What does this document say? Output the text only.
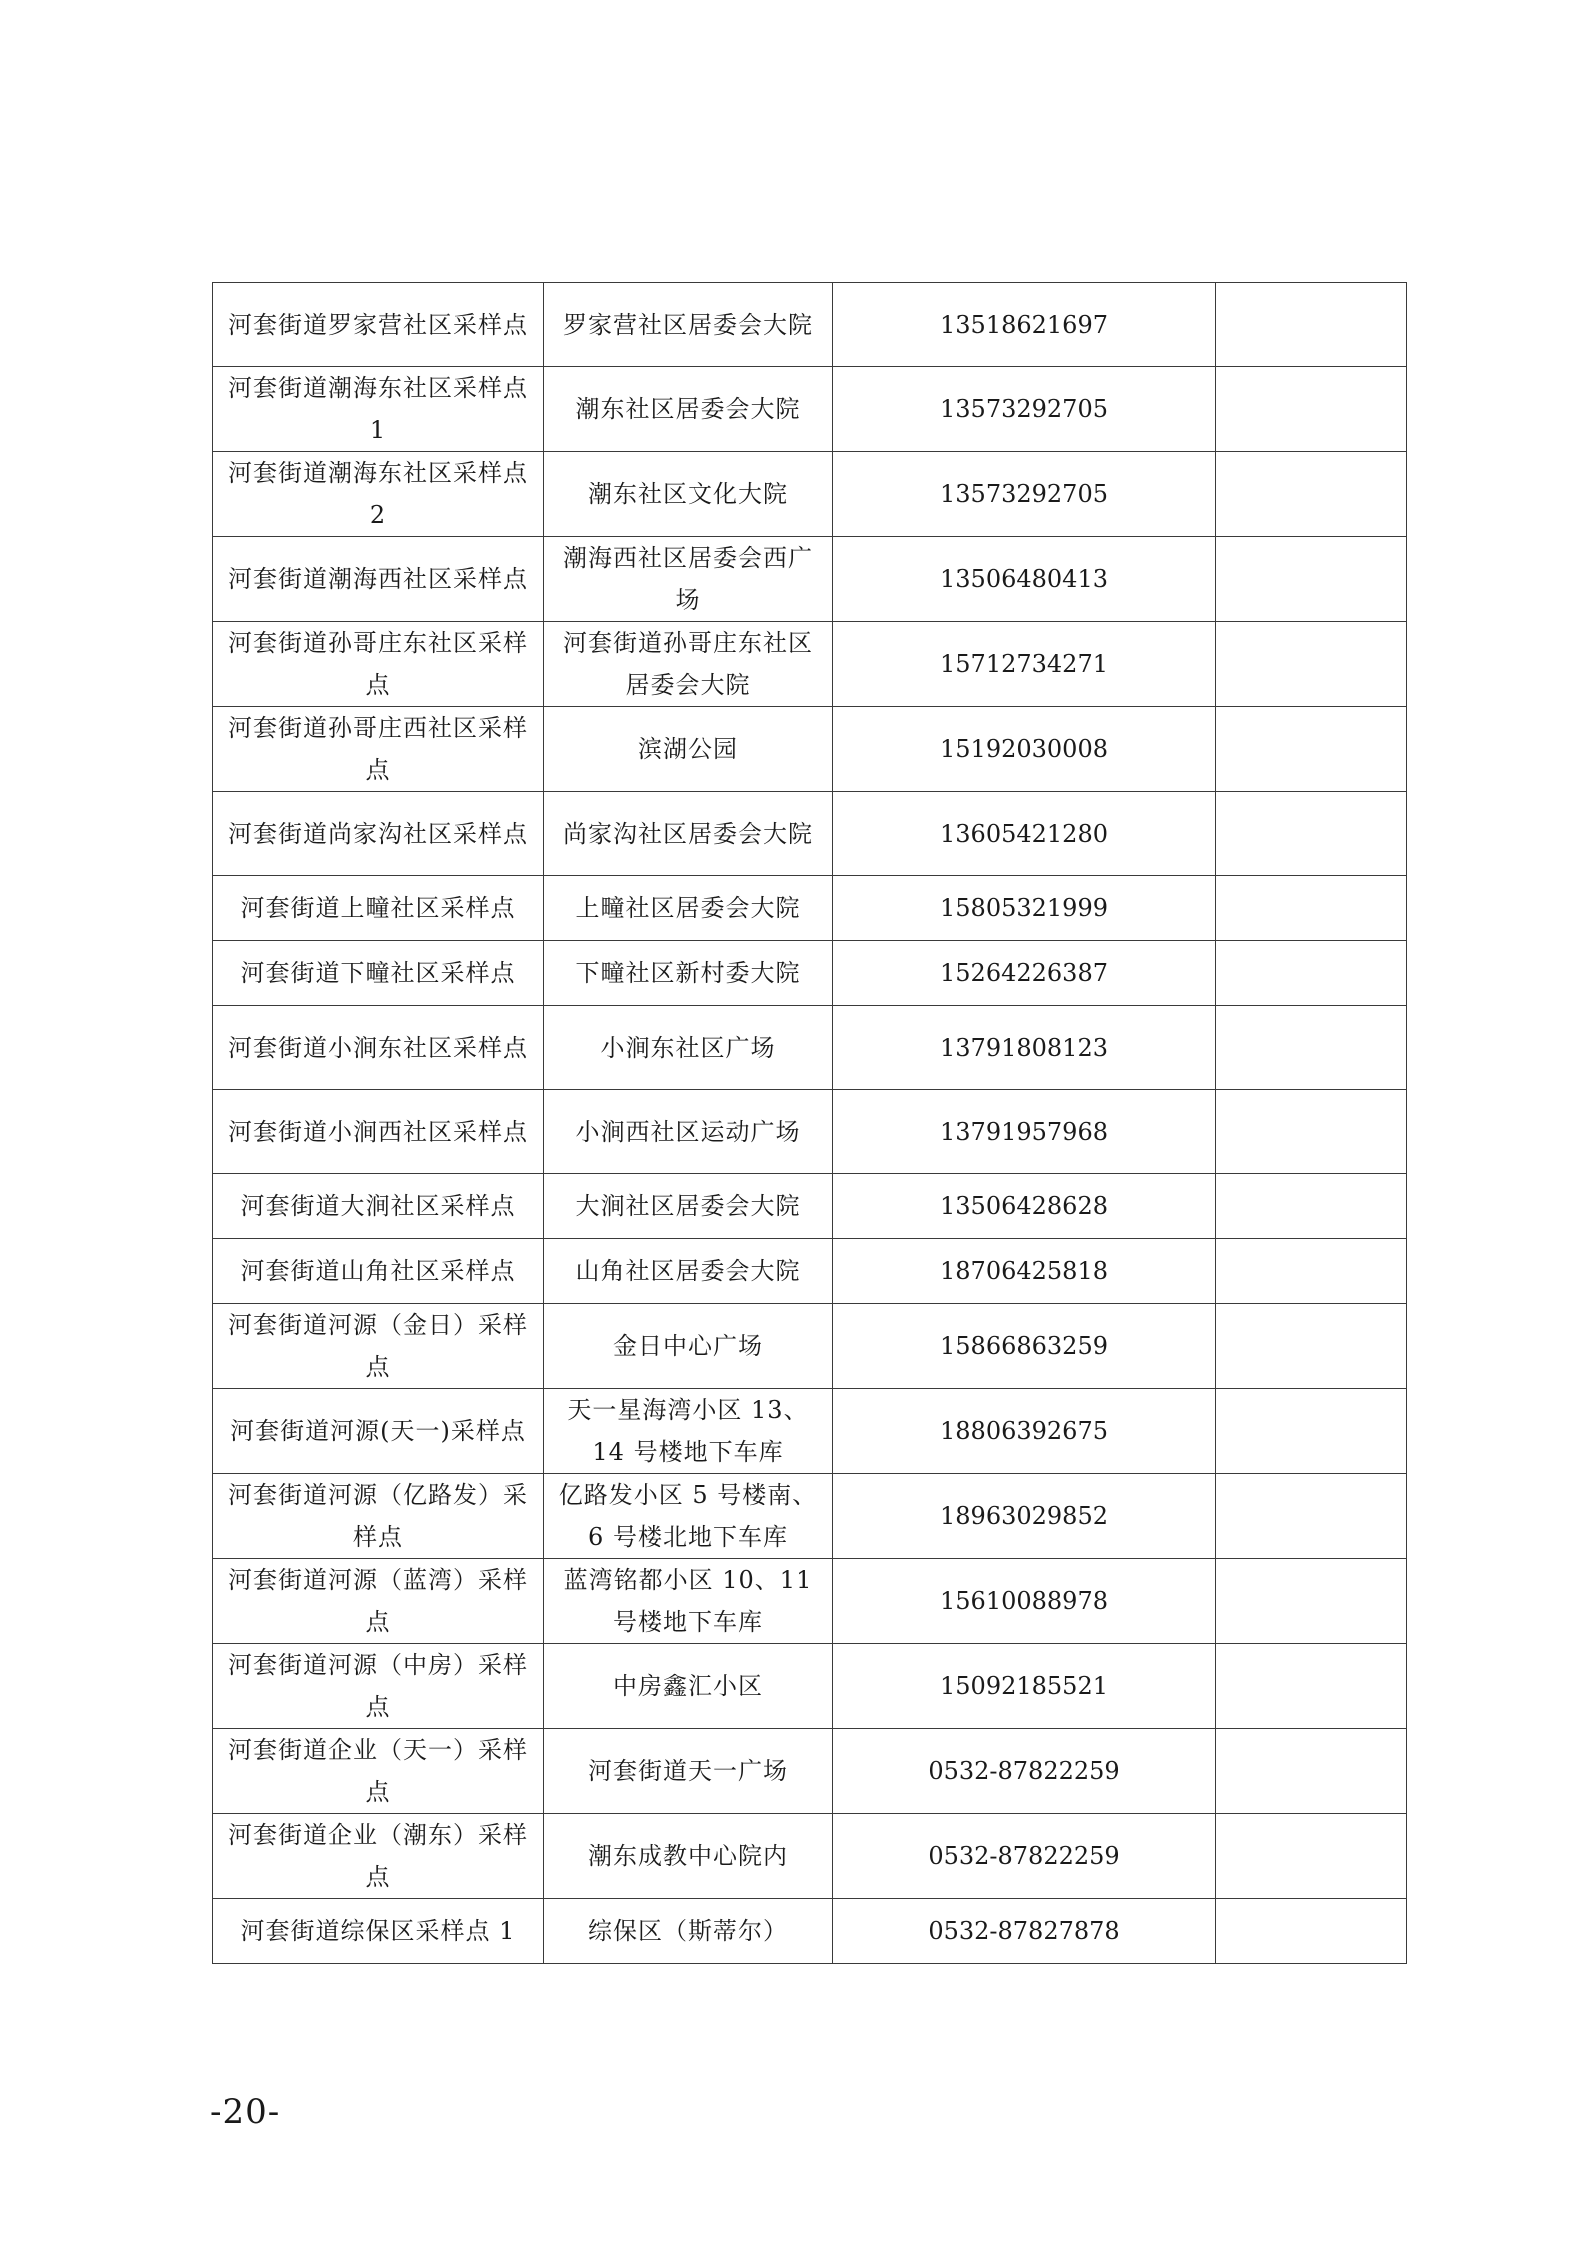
河套街道罗家营社区采样点	罗家营社区居委会大院	13518621697	
河套街道潮海东社区采样点 1	潮东社区居委会大院	13573292705	
河套街道潮海东社区采样点 2	潮东社区文化大院	13573292705	
河套街道潮海西社区采样点	潮海西社区居委会西广场	13506480413	
河套街道孙哥庄东社区采样点	河套街道孙哥庄东社区居委会大院	15712734271	
河套街道孙哥庄西社区采样点	滨湖公园	15192030008	
河套街道尚家沟社区采样点	尚家沟社区居委会大院	13605421280	
河套街道上疃社区采样点	上疃社区居委会大院	15805321999	
河套街道下疃社区采样点	下疃社区新村委大院	15264226387	
河套街道小涧东社区采样点	小涧东社区广场	13791808123	
河套街道小涧西社区采样点	小涧西社区运动广场	13791957968	
河套街道大涧社区采样点	大涧社区居委会大院	13506428628	
河套街道山角社区采样点	山角社区居委会大院	18706425818	
河套街道河源（金日）采样点	金日中心广场	15866863259	
河套街道河源(天一)采样点	天一星海湾小区 13、14 号楼地下车库	18806392675	
河套街道河源（亿路发）采样点	亿路发小区 5 号楼南、6 号楼北地下车库	18963029852	
河套街道河源（蓝湾）采样点	蓝湾铭都小区 10、11 号楼地下车库	15610088978	
河套街道河源（中房）采样点	中房鑫汇小区	15092185521	
河套街道企业（天一）采样点	河套街道天一广场	0532-87822259	
河套街道企业（潮东）采样点	潮东成教中心院内	0532-87822259	
河套街道综保区采样点 1	综保区（斯蒂尔）	0532-87827878	
-20-
